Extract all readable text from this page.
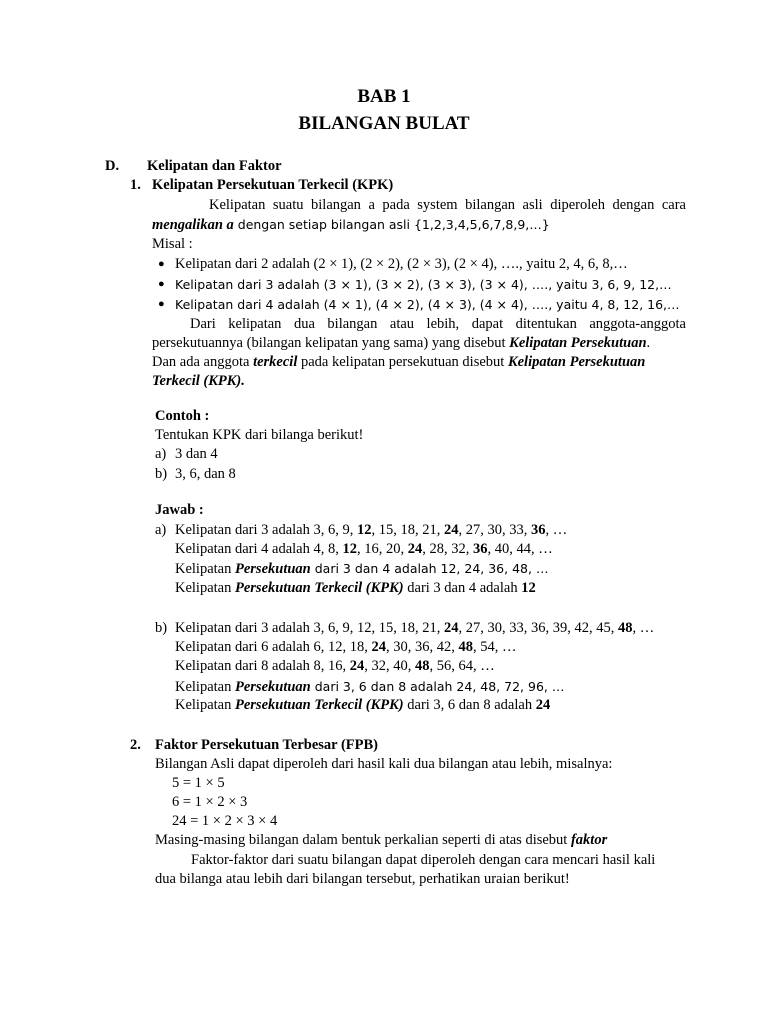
BAB 1
BILANGAN BULAT
D. Kelipatan dan Faktor
1. Kelipatan Persekutuan Terkecil (KPK)
Kelipatan suatu bilangan a pada system bilangan asli diperoleh dengan cara
mengalikan a dengan setiap bilangan asli {1,2,3,4,5,6,7,8,9,…}
Misal :
● Kelipatan dari 2 adalah (2 × 1), (2 × 2), (2 × 3), (2 × 4), …., yaitu 2, 4, 6, 8,…
● Kelipatan dari 3 adalah (3 × 1), (3 × 2), (3 × 3), (3 × 4), …., yaitu 3, 6, 9, 12,…
● Kelipatan dari 4 adalah (4 × 1), (4 × 2), (4 × 3), (4 × 4), …., yaitu 4, 8, 12, 16,…
Dari kelipatan dua bilangan atau lebih, dapat ditentukan anggota-anggota
persekutuannya (bilangan kelipatan yang sama) yang disebut Kelipatan Persekutuan.
Dan ada anggota terkecil pada kelipatan persekutuan disebut Kelipatan Persekutuan
Terkecil (KPK).
Contoh :
Tentukan KPK dari bilanga berikut!
a) 3 dan 4
b) 3, 6, dan 8
Jawab :
a) Kelipatan dari 3 adalah 3, 6, 9, 12, 15, 18, 21, 24, 27, 30, 33, 36, …
Kelipatan dari 4 adalah 4, 8, 12, 16, 20, 24, 28, 32, 36, 40, 44, …
Kelipatan Persekutuan dari 3 dan 4 adalah 12, 24, 36, 48, …
Kelipatan Persekutuan Terkecil (KPK) dari 3 dan 4 adalah 12
b) Kelipatan dari 3 adalah 3, 6, 9, 12, 15, 18, 21, 24, 27, 30, 33, 36, 39, 42, 45, 48, …
Kelipatan dari 6 adalah 6, 12, 18, 24, 30, 36, 42, 48, 54, …
Kelipatan dari 8 adalah 8, 16, 24, 32, 40, 48, 56, 64, …
Kelipatan Persekutuan dari 3, 6 dan 8 adalah 24, 48, 72, 96, …
Kelipatan Persekutuan Terkecil (KPK) dari 3, 6 dan 8 adalah 24
2. Faktor Persekutuan Terbesar (FPB)
Bilangan Asli dapat diperoleh dari hasil kali dua bilangan atau lebih, misalnya:
5 = 1 × 5
6 = 1 × 2 × 3
24 = 1 × 2 × 3 × 4
Masing-masing bilangan dalam bentuk perkalian seperti di atas disebut faktor
Faktor-faktor dari suatu bilangan dapat diperoleh dengan cara mencari hasil kali
dua bilanga atau lebih dari bilangan tersebut, perhatikan uraian berikut!
